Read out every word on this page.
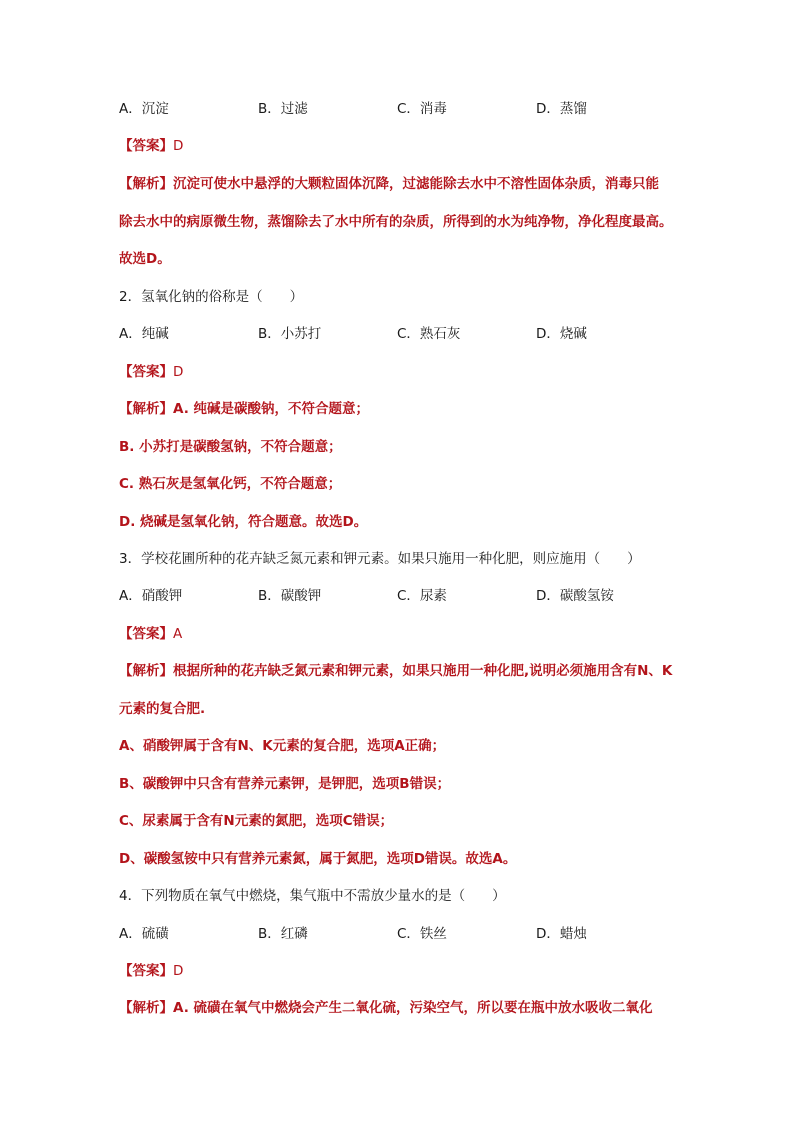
A．沉淀	B．过滤	C．消毒	D．蒸馏
【答案】D
【解析】沉淀可使水中悬浮的大颗粒固体沉降，过滤能除去水中不溶性固体杂质，消毒只能
除去水中的病原微生物，蒸馏除去了水中所有的杂质，所得到的水为纯净物，净化程度最高。
故选D。
2．氢氧化钠的俗称是（　　）
A．纯碱	B．小苏打	C．熟石灰	D．烧碱
【答案】D
【解析】A. 纯碱是碳酸钠，不符合题意；
B. 小苏打是碳酸氢钠，不符合题意；
C. 熟石灰是氢氧化钙，不符合题意；
D. 烧碱是氢氧化钠，符合题意。故选D。
3．学校花圃所种的花卉缺乏氮元素和钾元素。如果只施用一种化肥，则应施用（　　）
A．硝酸钾	B．碳酸钾	C．尿素	D．碳酸氢铵
【答案】A
【解析】根据所种的花卉缺乏氮元素和钾元素，如果只施用一种化肥,说明必须施用含有N、K
元素的复合肥.
A、硝酸钾属于含有N、K元素的复合肥，选项A正确；
B、碳酸钾中只含有营养元素钾，是钾肥，选项B错误；
C、尿素属于含有N元素的氮肥，选项C错误；
D、碳酸氢铵中只有营养元素氮，属于氮肥，选项D错误。故选A。
4．下列物质在氧气中燃烧，集气瓶中不需放少量水的是（　　）
A．硫磺	B．红磷	C．铁丝	D．蜡烛
【答案】D
【解析】A. 硫磺在氧气中燃烧会产生二氧化硫，污染空气，所以要在瓶中放水吸收二氧化
